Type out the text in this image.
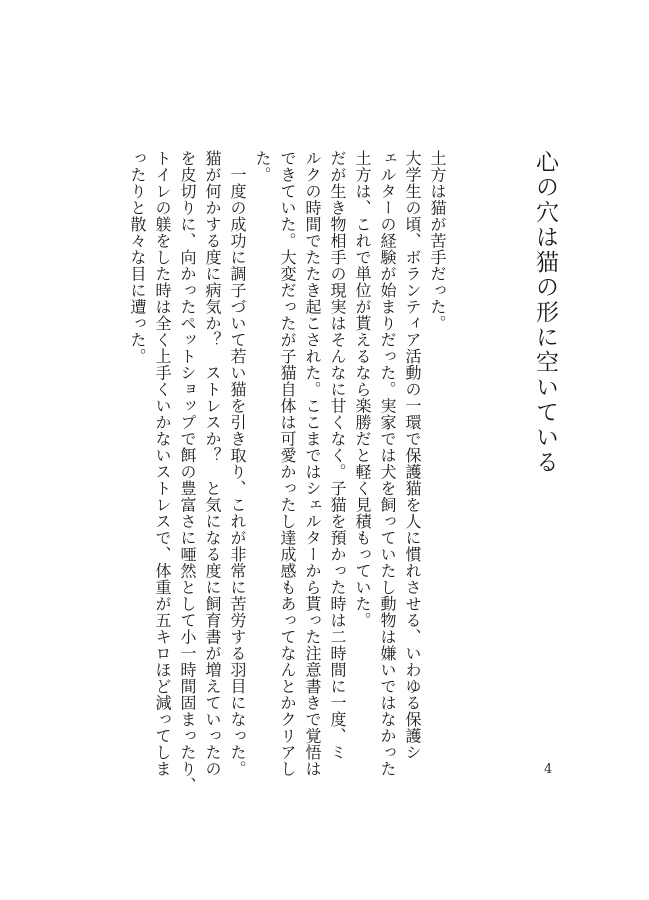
心の穴は猫の形に空いている

土方は猫が苦手だった。

大学生の頃、ボランティア活動の一環で保護猫を人に慣れさせる、いわゆる保護シ

ェルターの経験が始まりだった。実家では犬を飼っていたし動物は嫌いではなかった

土方は、これで単位が貰えるなら楽勝だと軽く見積もっていた。

だが生き物相手の現実はそんなに甘くなく。子猫を預かった時は二時間に一度、ミ

ルクの時間でたたき起こされた。ここまではシェルターから貰った注意書きで覚悟は

できていた。大変だったが子猫自体は可愛かったし達成感もあってなんとかクリアし

た。

　一度の成功に調子づいて若い猫を引き取り、これが非常に苦労する羽目になった。

猫が何かする度に病気か？　ストレスか？　と気になる度に飼育書が増えていったの

を皮切りに、向かったペットショップで餌の豊富さに唖然として小一時間固まったり、

トイレの躾をした時は全く上手くいかないストレスで、体重が五キロほど減ってしま

ったりと散々な目に遭った。

4
